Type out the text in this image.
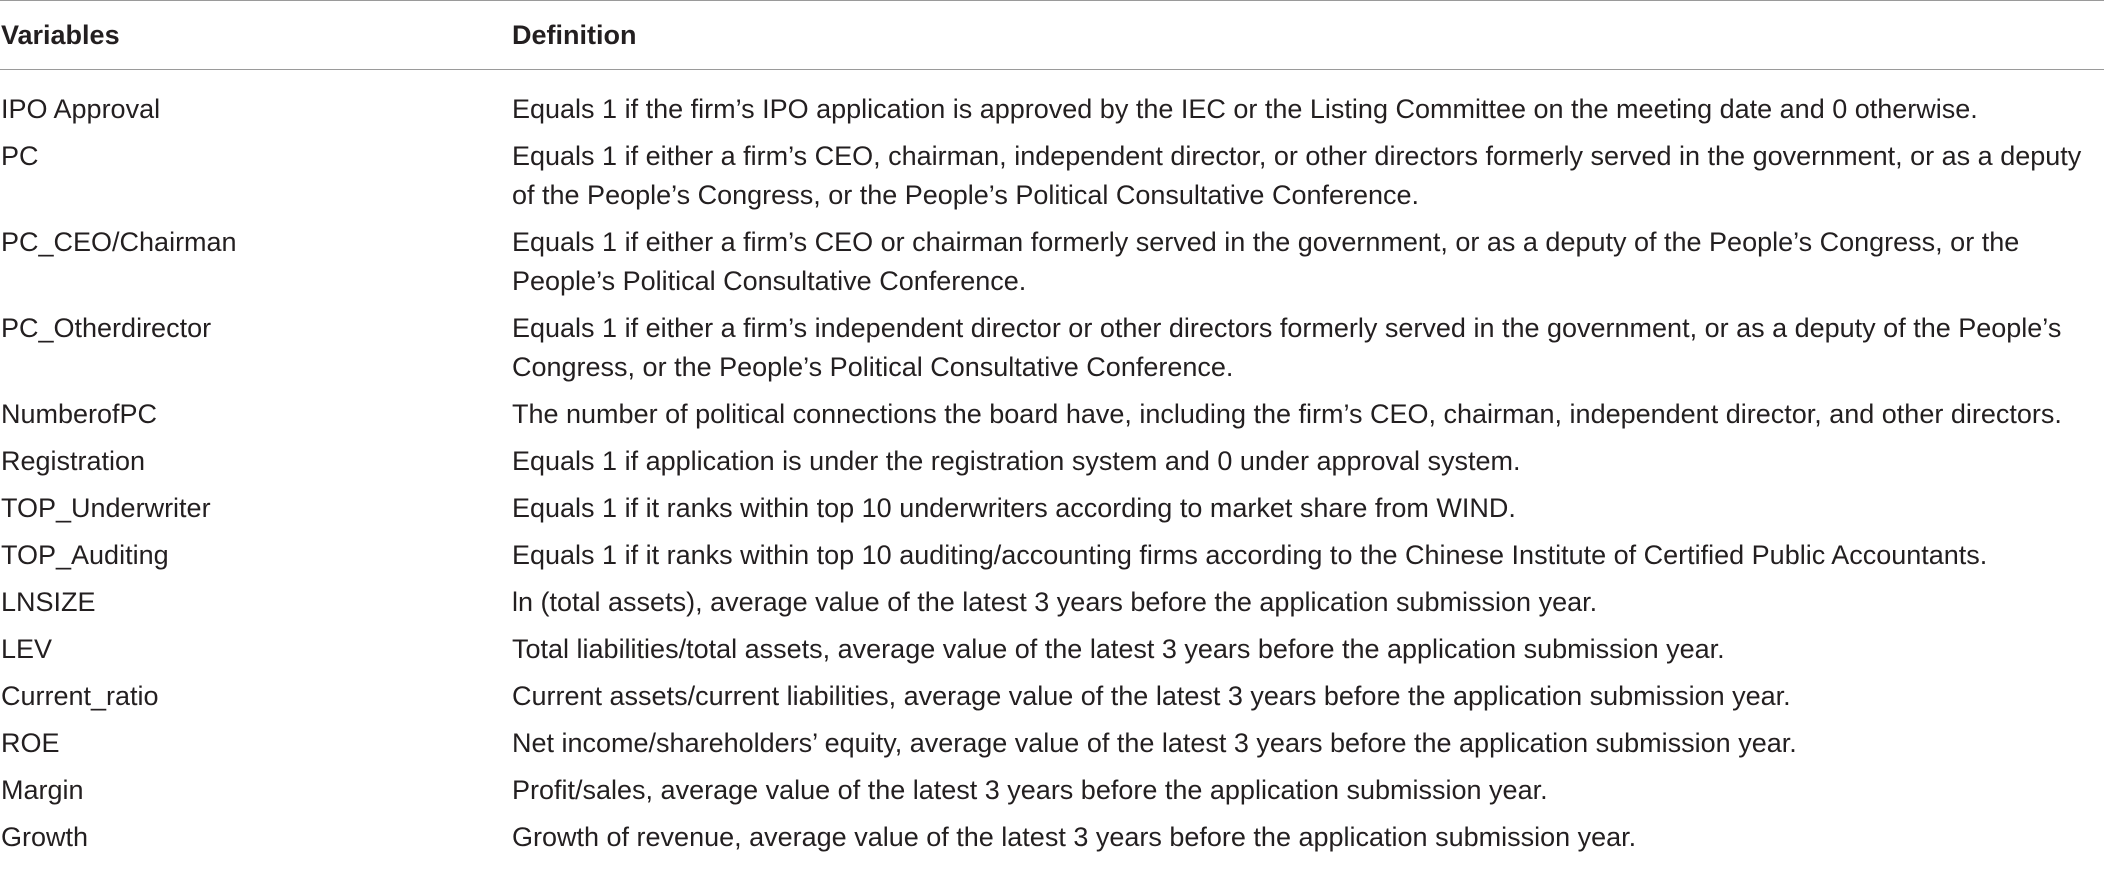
Variables	Definition
IPO Approval	Equals 1 if the firm’s IPO application is approved by the IEC or the Listing Committee on the meeting date and 0 otherwise.
PC	Equals 1 if either a firm’s CEO, chairman, independent director, or other directors formerly served in the government, or as a deputy of the People’s Congress, or the People’s Political Consultative Conference.
PC_CEO/Chairman	Equals 1 if either a firm’s CEO or chairman formerly served in the government, or as a deputy of the People’s Congress, or the People’s Political Consultative Conference.
PC_Otherdirector	Equals 1 if either a firm’s independent director or other directors formerly served in the government, or as a deputy of the People’s Congress, or the People’s Political Consultative Conference.
NumberofPC	The number of political connections the board have, including the firm’s CEO, chairman, independent director, and other directors.
Registration	Equals 1 if application is under the registration system and 0 under approval system.
TOP_Underwriter	Equals 1 if it ranks within top 10 underwriters according to market share from WIND.
TOP_Auditing	Equals 1 if it ranks within top 10 auditing/accounting firms according to the Chinese Institute of Certified Public Accountants.
LNSIZE	ln (total assets), average value of the latest 3 years before the application submission year.
LEV	Total liabilities/total assets, average value of the latest 3 years before the application submission year.
Current_ratio	Current assets/current liabilities, average value of the latest 3 years before the application submission year.
ROE	Net income/shareholders’ equity, average value of the latest 3 years before the application submission year.
Margin	Profit/sales, average value of the latest 3 years before the application submission year.
Growth	Growth of revenue, average value of the latest 3 years before the application submission year.
